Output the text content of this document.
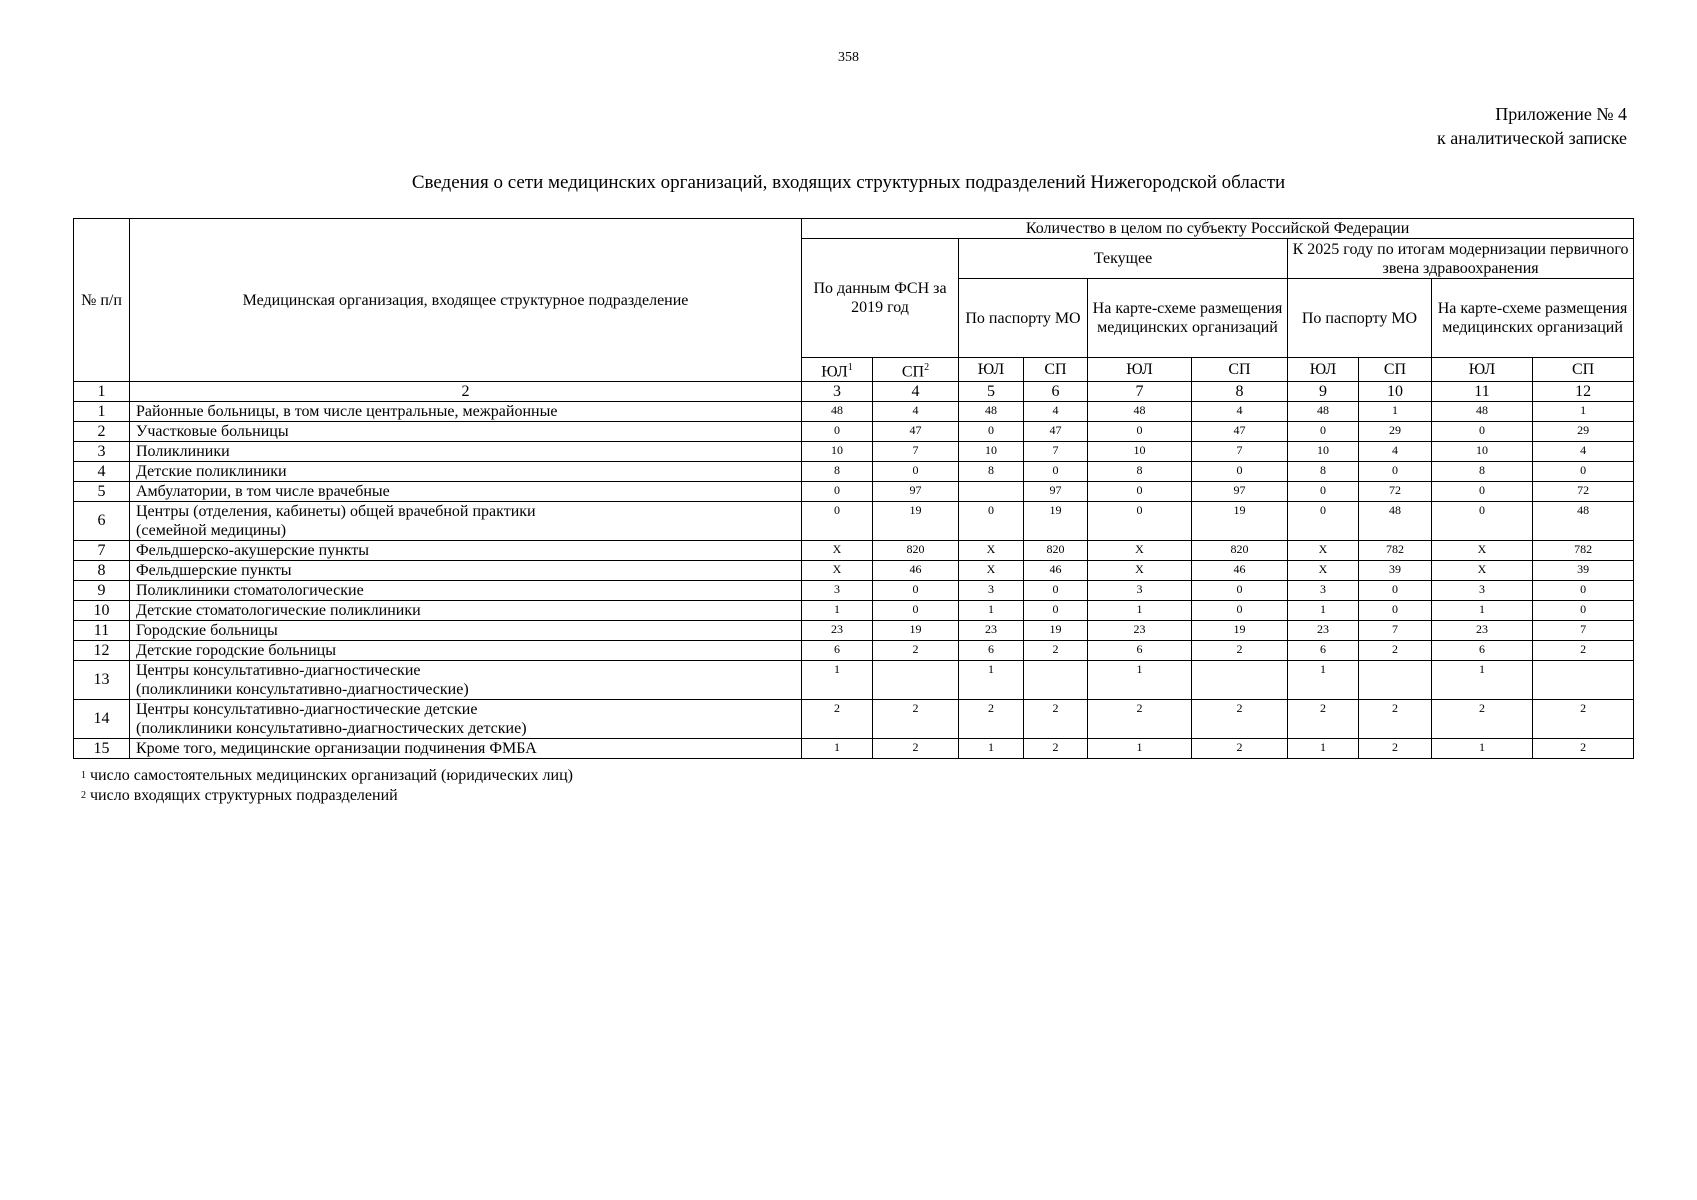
358
Приложение № 4
к аналитической записке
Сведения о сети медицинских организаций, входящих структурных подразделений Нижегородской области
№ п/п	Медицинская организация, входящее структурное подразделение	Количество в целом по субъекту Российской Федерации									
		По данным ФСН за 2019 год		Текущее				К 2025 году по итогам модернизации первичного звена здравоохранения			
				По паспорту МО		На карте-схеме размещения медицинских организаций		По паспорту МО		На карте-схеме размещения медицинских организаций	
		$ЮЛ^1$	$СП^2$	ЮЛ	СП	ЮЛ	СП	ЮЛ	СП	ЮЛ	СП
1	2	3	4	5	6	7	8	9	10	11	12
1	Районные больницы, в том числе центральные, межрайонные	48	4	48	4	48	4	48	1	48	1
2	Участковые больницы	0	47	0	47	0	47	0	29	0	29
3	Поликлиники	10	7	10	7	10	7	10	4	10	4
4	Детские поликлиники	8	0	8	0	8	0	8	0	8	0
5	Амбулатории, в том числе врачебные	0	97		97	0	97	0	72	0	72
6	Центры (отделения, кабинеты) общей врачебной практики
(семейной медицины)	0	19	0	19	0	19	0	48	0	48
7	Фельдшерско-акушерские пункты	Х	820	Х	820	Х	820	Х	782	Х	782
8	Фельдшерские пункты	Х	46	Х	46	Х	46	Х	39	Х	39
9	Поликлиники стоматологические	3	0	3	0	3	0	3	0	3	0
10	Детские стоматологические поликлиники	1	0	1	0	1	0	1	0	1	0
11	Городские больницы	23	19	23	19	23	19	23	7	23	7
12	Детские городские больницы	6	2	6	2	6	2	6	2	6	2
13	Центры консультативно-диагностические
(поликлиники консультативно-диагностические)	1		1		1		1		1	
14	Центры консультативно-диагностические детские
(поликлиники консультативно-диагностических детские)	2	2	2	2	2	2	2	2	2	2
15	Кроме того, медицинские организации подчинения ФМБА	1	2	1	2	1	2	1	2	1	2
$^1$ число самостоятельных медицинских организаций (юридических лиц)
$^2$ число входящих структурных подразделений
